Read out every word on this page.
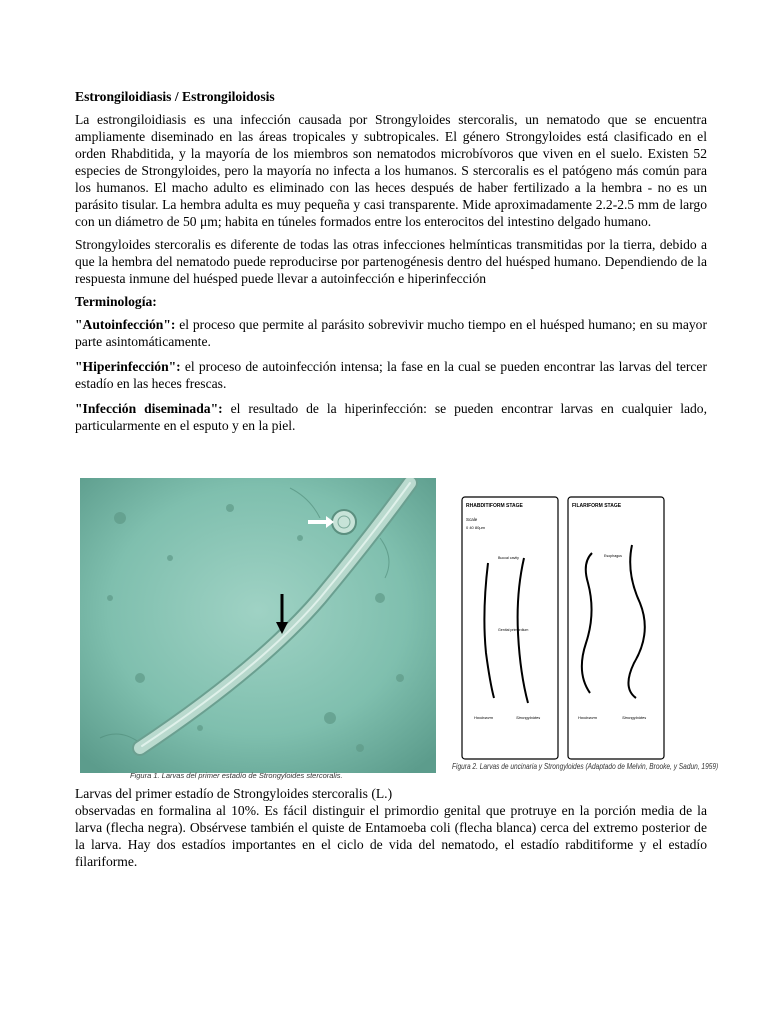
Estrongiloidiasis / Estrongiloidosis

La estrongiloidiasis es una infección causada por Strongyloides stercoralis, un nematodo que se encuentra ampliamente diseminado en las áreas tropicales y subtropicales. El género Strongyloides está clasificado en el orden Rhabditida, y la mayoría de los miembros son nematodos microbívoros que viven en el suelo. Existen 52 especies de Strongyloides, pero la mayoría no infecta a los humanos. S stercoralis es el patógeno más común para los humanos. El macho adulto es eliminado con las heces después de haber fertilizado a la hembra - no es un parásito tisular. La hembra adulta es muy pequeña y casi transparente. Mide aproximadamente 2.2-2.5 mm de largo con un diámetro de 50 μm; habita en túneles formados entre los enterocitos del intestino delgado humano.

Strongyloides stercoralis es diferente de todas las otras infecciones helmínticas transmitidas por la tierra, debido a que la hembra del nematodo puede reproducirse por partenogénesis dentro del huésped humano. Dependiendo de la respuesta inmune del huésped puede llevar a autoinfección e hiperinfección

Terminología:
"Autoinfección": el proceso que permite al parásito sobrevivir mucho tiempo en el huésped humano; en su mayor parte asintomáticamente.
"Hiperinfección": el proceso de autoinfección intensa; la fase en la cual se pueden encontrar las larvas del tercer estadío en las heces frescas.
"Infección diseminada": el resultado de la hiperinfección: se pueden encontrar larvas en cualquier lado, particularmente en el esputo y en la piel.
Figura 1. Larvas del primer estadío de Strongyloides stercoralis.
RHABDITIFORM STAGE
Scale
0 40 80μm
Buccal cavity
Genital primordium
Hookworm	Strongyloides
FILARIFORM STAGE
Esophagus
Hookworm	Strongyloides
Figura 2. Larvas de uncinaria y Strongyloides (Adaptado de Melvin, Brooke, y Sadun, 1959)

Larvas del primer estadío de Strongyloides stercoralis (L.)

observadas en formalina al 10%. Es fácil distinguir el primordio genital que protruye en la porción media de la larva (flecha negra). Obsérvese también el quiste de Entamoeba coli (flecha blanca) cerca del extremo posterior de la larva. Hay dos estadíos importantes en el ciclo de vida del nematodo, el estadío rabditiforme y el estadío filariforme.
